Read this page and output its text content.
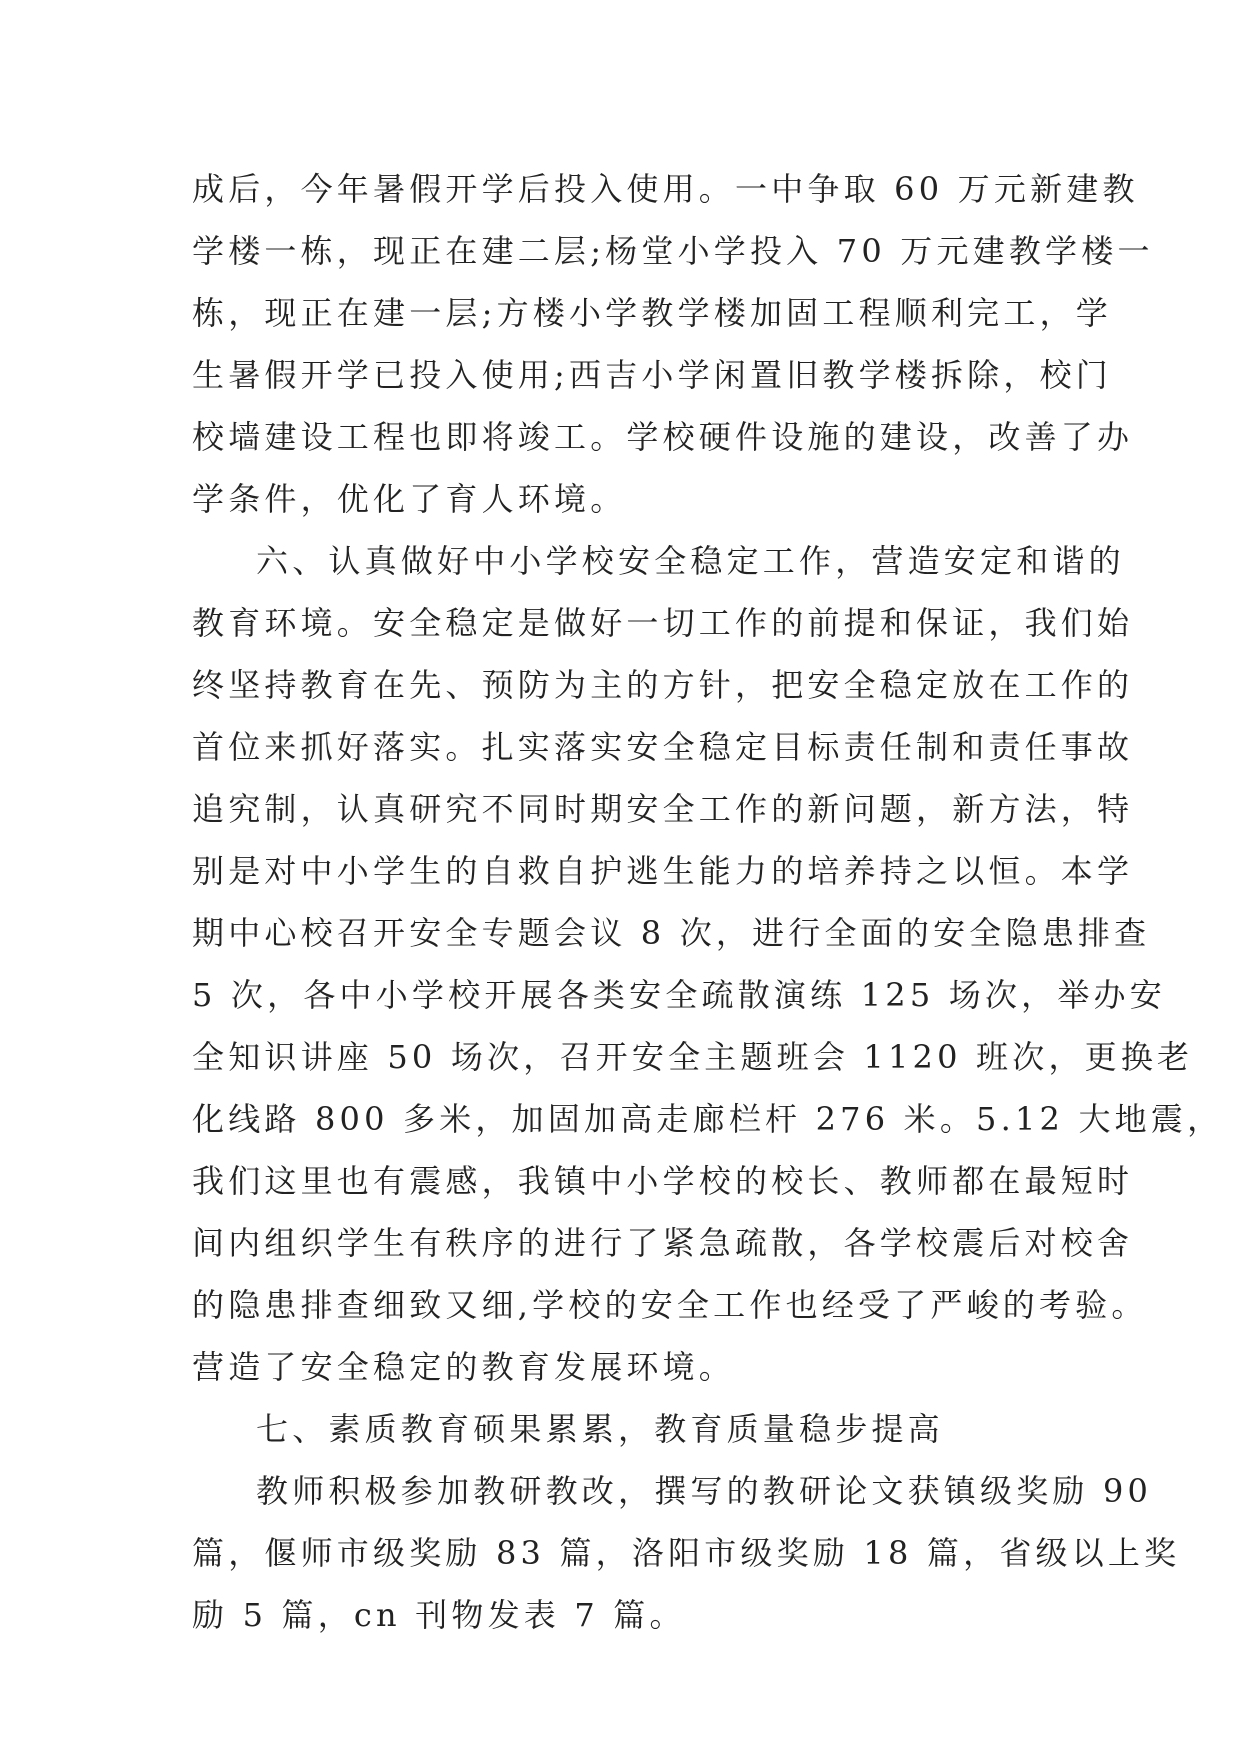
成后，今年暑假开学后投入使用。一中争取 60 万元新建教
学楼一栋，现正在建二层;杨堂小学投入 70 万元建教学楼一
栋，现正在建一层;方楼小学教学楼加固工程顺利完工，学
生暑假开学已投入使用;西吉小学闲置旧教学楼拆除，校门
校墙建设工程也即将竣工。学校硬件设施的建设，改善了办
学条件，优化了育人环境。
六、认真做好中小学校安全稳定工作，营造安定和谐的
教育环境。安全稳定是做好一切工作的前提和保证，我们始
终坚持教育在先、预防为主的方针，把安全稳定放在工作的
首位来抓好落实。扎实落实安全稳定目标责任制和责任事故
追究制，认真研究不同时期安全工作的新问题，新方法，特
别是对中小学生的自救自护逃生能力的培养持之以恒。本学
期中心校召开安全专题会议 8 次，进行全面的安全隐患排查
5 次，各中小学校开展各类安全疏散演练 125 场次，举办安
全知识讲座 50 场次，召开安全主题班会 1120 班次，更换老
化线路 800 多米，加固加高走廊栏杆 276 米。5.12 大地震，
我们这里也有震感，我镇中小学校的校长、教师都在最短时
间内组织学生有秩序的进行了紧急疏散，各学校震后对校舍
的隐患排查细致又细,学校的安全工作也经受了严峻的考验。
营造了安全稳定的教育发展环境。
七、素质教育硕果累累，教育质量稳步提高
教师积极参加教研教改，撰写的教研论文获镇级奖励 90
篇，偃师市级奖励 83 篇，洛阳市级奖励 18 篇，省级以上奖
励 5 篇，cn 刊物发表 7 篇。
